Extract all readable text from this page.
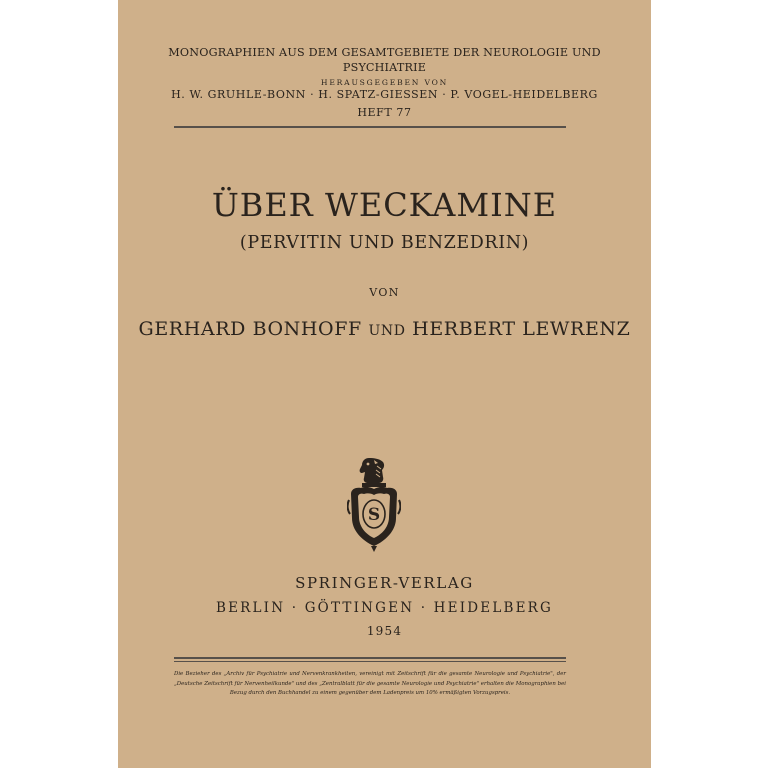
MONOGRAPHIEN AUS DEM GESAMTGEBIETE DER NEUROLOGIE UND
PSYCHIATRIE
HERAUSGEGEBEN VON
H. W. GRUHLE-BONN · H. SPATZ-GIESSEN · P. VOGEL-HEIDELBERG
HEFT 77
ÜBER WECKAMINE
(PERVITIN UND BENZEDRIN)
VON
GERHARD BONHOFF UND HERBERT LEWRENZ
S
SPRINGER-VERLAG
BERLIN · GÖTTINGEN · HEIDELBERG
1954
Die Bezieher des „Archiv für Psychiatrie und Nervenkrankheiten, vereinigt mit Zeitschrift für die gesamte Neurologie und Psychiatrie", der „Deutsche Zeitschrift für Nervenheilkunde" und des „Zentralblatt für die gesamte Neurologie und Psychiatrie" erhalten die Monographien bei Bezug durch den Buchhandel zu einem gegenüber dem Ladenpreis um 10% ermäßigten Vorzugspreis.
